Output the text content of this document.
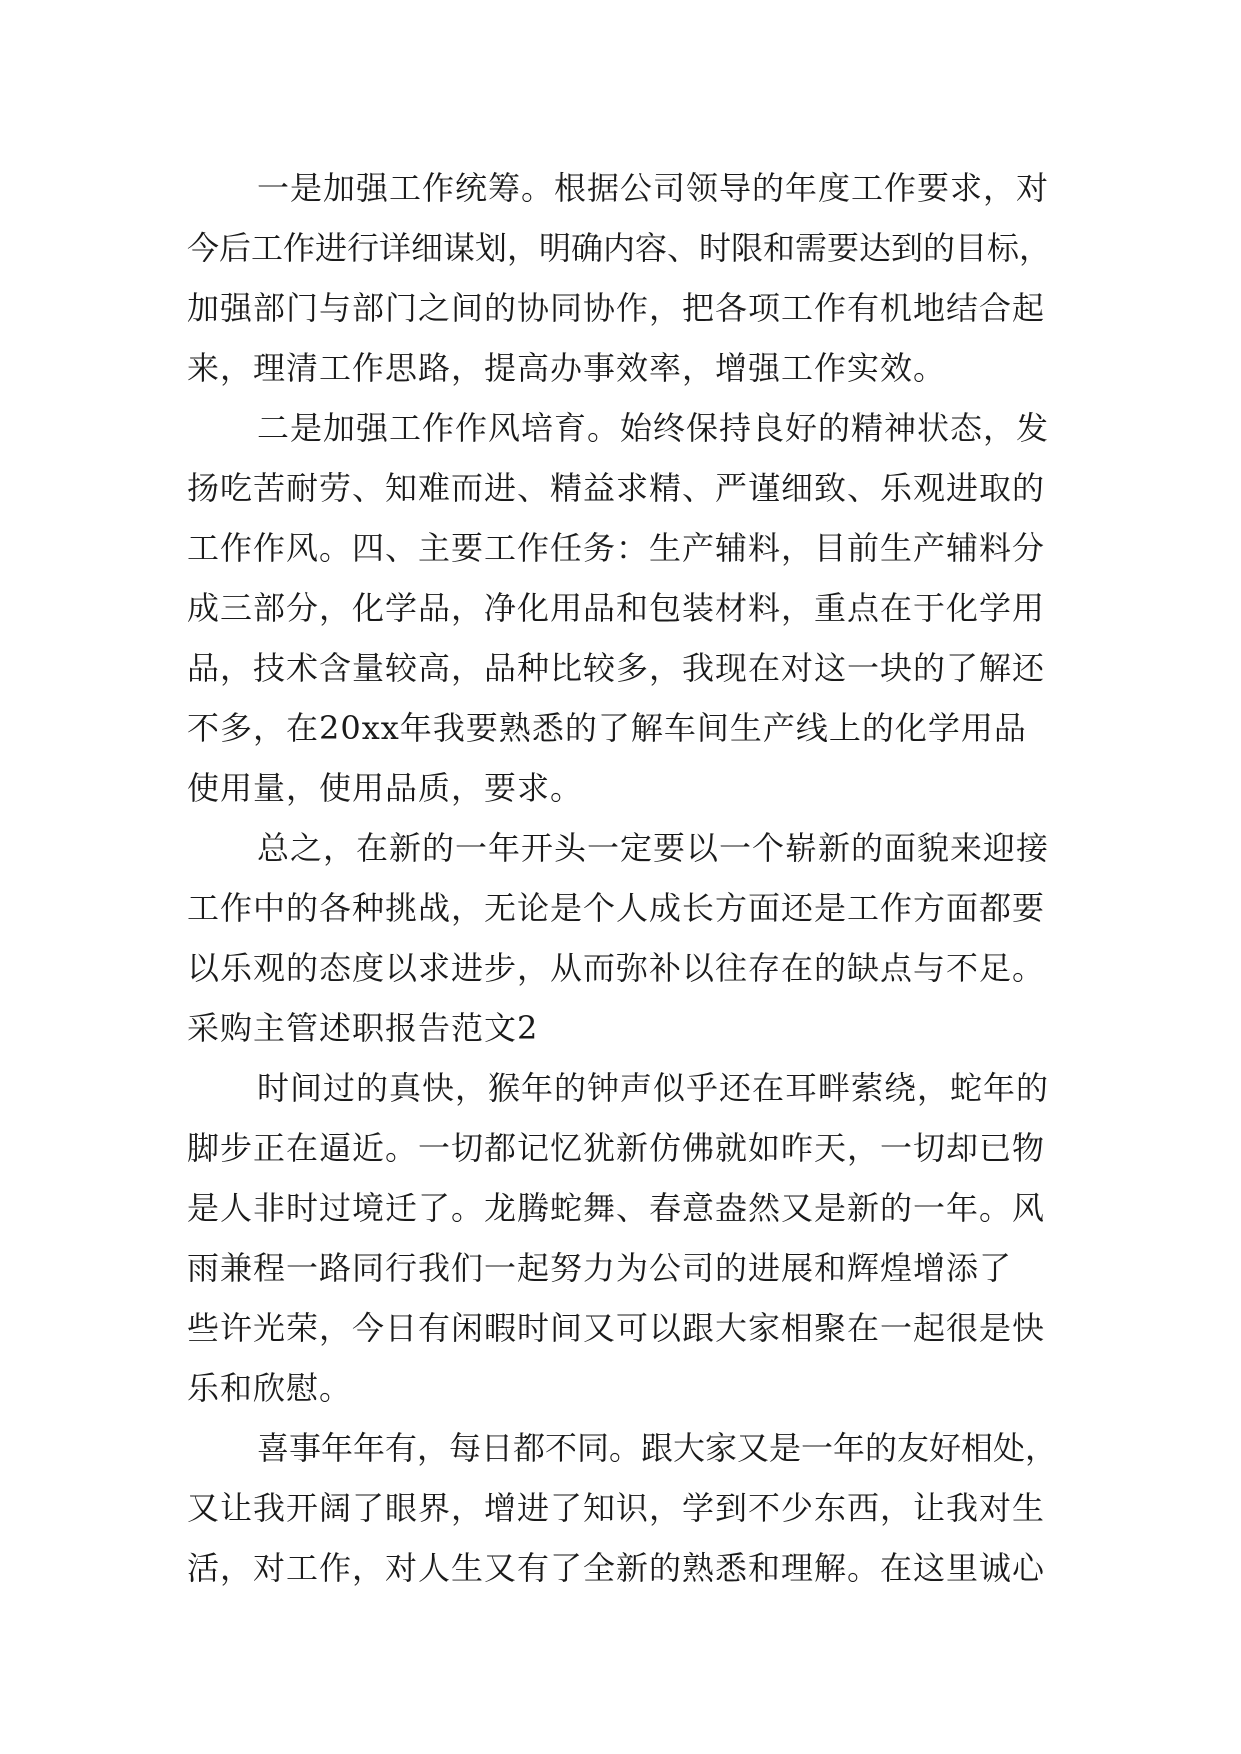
一是加强工作统筹。根据公司领导的年度工作要求，对
今后工作进行详细谋划，明确内容、时限和需要达到的目标，
加强部门与部门之间的协同协作，把各项工作有机地结合起
来，理清工作思路，提高办事效率，增强工作实效。
二是加强工作作风培育。始终保持良好的精神状态，发
扬吃苦耐劳、知难而进、精益求精、严谨细致、乐观进取的
工作作风。四、主要工作任务：生产辅料，目前生产辅料分
成三部分，化学品，净化用品和包装材料，重点在于化学用
品，技术含量较高，品种比较多，我现在对这一块的了解还
不多，在20xx年我要熟悉的了解车间生产线上的化学用品
使用量，使用品质，要求。
总之，在新的一年开头一定要以一个崭新的面貌来迎接
工作中的各种挑战，无论是个人成长方面还是工作方面都要
以乐观的态度以求进步，从而弥补以往存在的缺点与不足。
采购主管述职报告范文2
时间过的真快，猴年的钟声似乎还在耳畔萦绕，蛇年的
脚步正在逼近。一切都记忆犹新仿佛就如昨天，一切却已物
是人非时过境迁了。龙腾蛇舞、春意盎然又是新的一年。风
雨兼程一路同行我们一起努力为公司的进展和辉煌增添了
些许光荣，今日有闲暇时间又可以跟大家相聚在一起很是快
乐和欣慰。
喜事年年有，每日都不同。跟大家又是一年的友好相处，
又让我开阔了眼界，增进了知识，学到不少东西，让我对生
活，对工作，对人生又有了全新的熟悉和理解。在这里诚心
